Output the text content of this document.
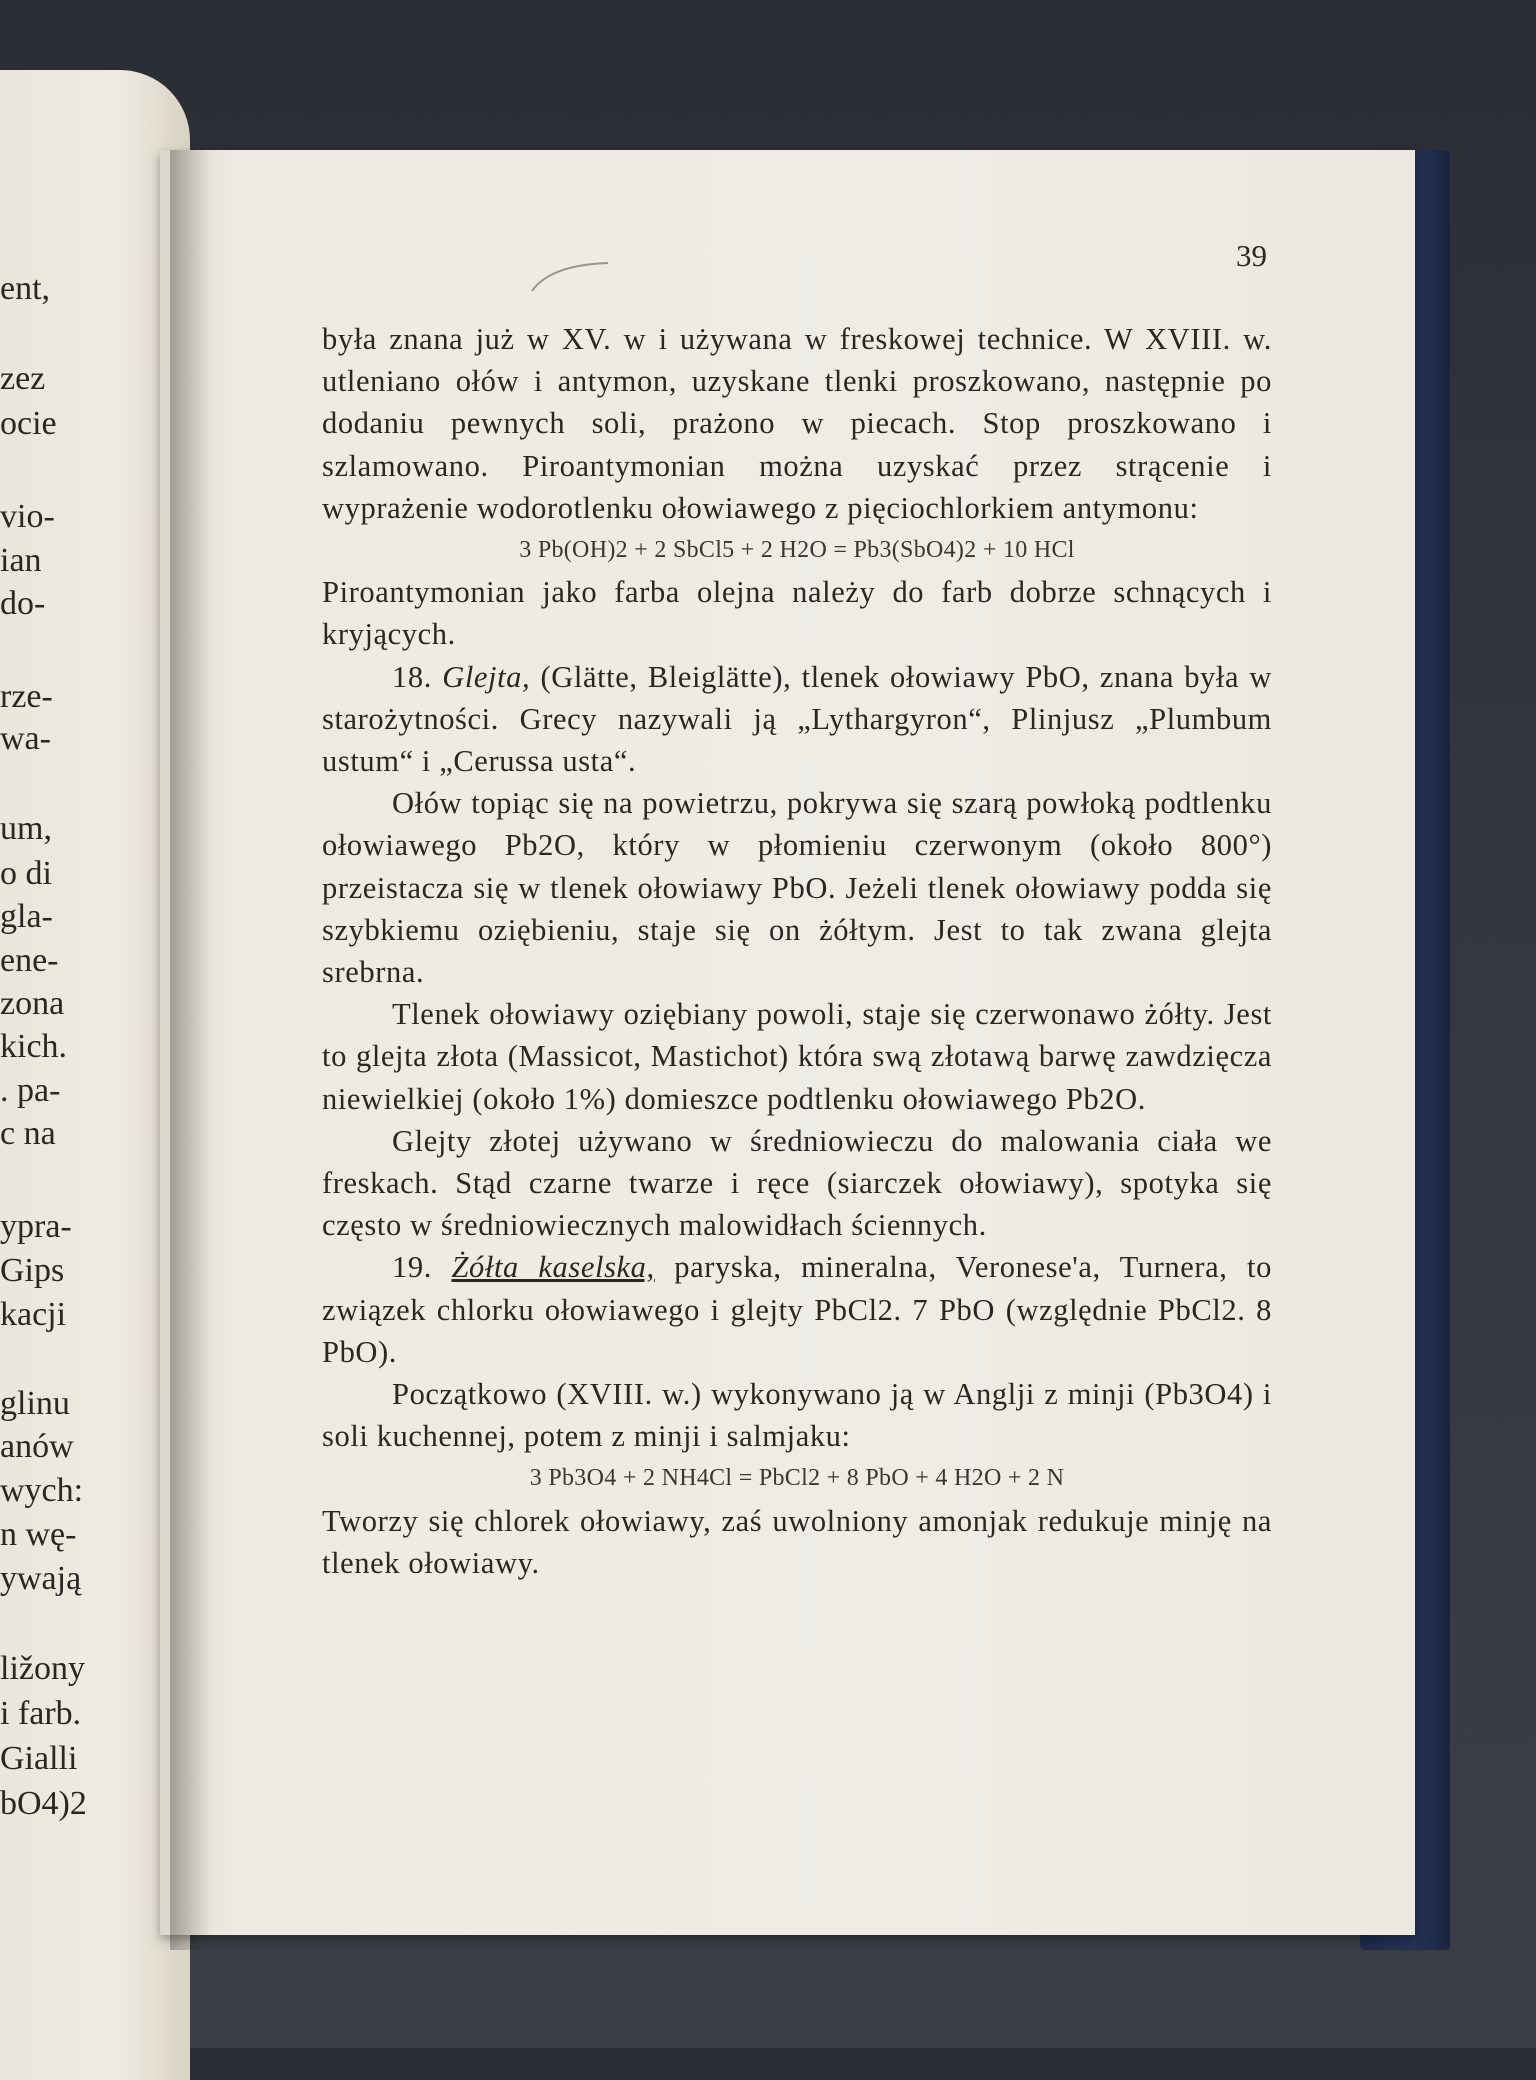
ent,
zez
ocie
vio-
ian
do-
rze-
wa-
um,
o di
gla-
ene-
zona
kich.
. pa-
c na
ypra-
Gips
kacji
glinu
anów
wych:
n wę-
ywają
ližony
i farb.
Gialli
bO4)2
39

była znana już w XV. w i używana w freskowej technice. W XVIII. w. utleniano ołów i antymon, uzyskane tlenki proszkowano, następnie po dodaniu pewnych soli, prażono w piecach. Stop proszkowano i szlamowano. Piroantymonian można uzyskać przez strącenie i wyprażenie wodorotlenku ołowiawego z pięciochlorkiem antymonu:

3 Pb(OH)2 + 2 SbCl5 + 2 H2O = Pb3(SbO4)2 + 10 HCl

Piroantymonian jako farba olejna należy do farb dobrze schnących i kryjących.

18. Glejta, (Glätte, Bleiglätte), tlenek ołowiawy PbO, znana była w starożytności. Grecy nazywali ją „Lythargyron“, Plinjusz „Plumbum ustum“ i „Cerussa usta“.

Ołów topiąc się na powietrzu, pokrywa się szarą powłoką podtlenku ołowiawego Pb2O, który w płomieniu czerwonym (około 800°) przeistacza się w tlenek ołowiawy PbO. Jeżeli tlenek ołowiawy podda się szybkiemu oziębieniu, staje się on żółtym. Jest to tak zwana glejta srebrna.

Tlenek ołowiawy oziębiany powoli, staje się czerwonawo żółty. Jest to glejta złota (Massicot, Mastichot) która swą złotawą barwę zawdzięcza niewielkiej (około 1%) domieszce podtlenku ołowiawego Pb2O.

Glejty złotej używano w średniowieczu do malowania ciała we freskach. Stąd czarne twarze i ręce (siarczek ołowiawy), spotyka się często w średniowiecznych malowidłach ściennych.

19. Żółta kaselska, paryska, mineralna, Veronese'a, Turnera, to związek chlorku ołowiawego i glejty PbCl2. 7 PbO (względnie PbCl2. 8 PbO).

Początkowo (XVIII. w.) wykonywano ją w Anglji z minji (Pb3O4) i soli kuchennej, potem z minji i salmjaku:

3 Pb3O4 + 2 NH4Cl = PbCl2 + 8 PbO + 4 H2O + 2 N

Tworzy się chlorek ołowiawy, zaś uwolniony amonjak redukuje minję na tlenek ołowiawy.
